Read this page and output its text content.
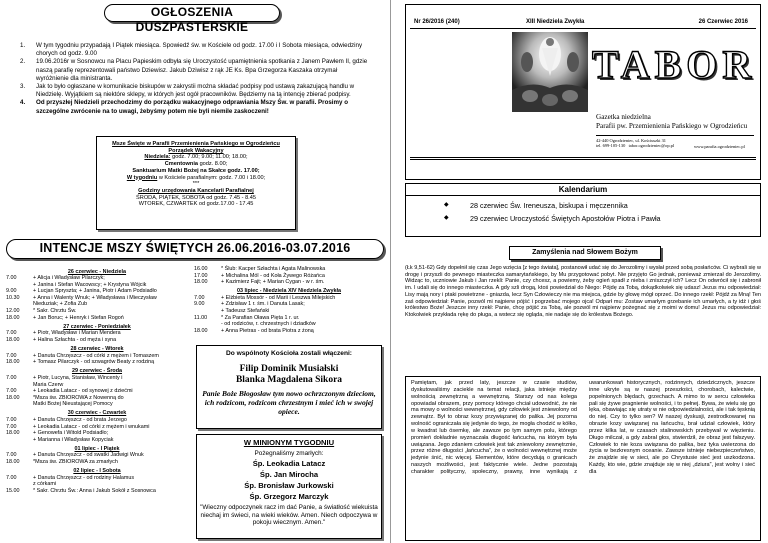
OGŁOSZENIA DUSZPASTERSKIE
1.	W tym tygodniu przypadają I Piątek miesiąca. Spowiedź św. w Kościele od godz. 17.00 i I Sobota miesiąca, odwiedziny chorych od godz. 9.00
2.	19.06.2016r w Sosnowcu na Placu Papieskim odbyła się Uroczystość upamiętnienia spotkania z Janem Pawłem II, gdzie naszą parafię reprezentowali państwo Dziewisz. Jakub Dziwisz z rąk JE Ks. Bpa Grzegorza Kaszaka otrzymał wyróżnienie dla ministranta.
3.	Jak to było ogłaszane w komunikacie biskupów w zakrystii można składać podpisy pod ustawą zakazującą handlu w Niedzielę. Wyjątkiem są niektóre sklepy, w których jest ogół pracowników. Będziemy na tą intencję zbierać podpisy.
4.	Od przyszłej Niedzieli przechodzimy do porządku wakacyjnego odprawiania Mszy Św. w parafii. Prosimy o szczególne zwrócenie na to uwagi, żebyśmy potem nie byli niemile zaskoczeni!
Msze Święte w Parafii Przemienienia Pańskiego w Ogrodzieńcu
Porządek Wakacyjny
Niedziela: godz. 7.00; 9.00; 11.00; 18.00;
Cmentownia godz. 8.00;
Sanktuarium Matki Bożej na Skałce godz. 17.00;
W tygodniu w Kościele parafialnym: godz. 7.00 i 18.00;
***
Godziny urzędowania Kancelarii Parafialnej
ŚRODA, PIĄTEK, SOBOTA od godz. 7.45 - 8.45
WTOREK, CZWARTEK od godz.17.00 - 17.45
INTENCJE MSZY ŚWIĘTYCH 26.06.2016-03.07.2016
26 czerwiec - Niedziela
7.00	+ Alicja i Władysław Pilarczyk;
+ Janina i Stefan Wacowscy; + Krystyna Wójcik
9.00	+ Lucjan Spryszta; + Janina, Piotr i Adam Podsiadło
10.30	+ Anna i Walenty Wnuk; + Władysława i Mieczysław
Nieduziak; + Zofia Zub
12.00	* Sakr. Chrztu Św.
18.00	+ Jan Boruc; + Henryk i Stefan Rogoń
27 czerwiec - Poniedziałek
7.00	+ Piotr, Władysław i Marian Mendera
18.00	+ Halina Szłachta - od męża i syna
28 czerwiec - Wtorek
7.00	+ Danuta Chrzęszcz - od córki z mężem i Tomaszem
18.00	+ Tomasz Pilarczyk - od szwagrów Beaty z rodziną
29 czerwiec - Środa
7.00	+ Piotr, Lucyna, Stanisław, Wincenty i
Maria Czerw
7.00	+ Leokadia Latacz - od synowej z dziećmi
18.00	*Msza św. ZBIOROWA z Nowenną do
Matki Bożej Nieustającej Pomocy
30 czerwiec - Czwartek
7.00	+ Danuta Chrzęszcz - od brata Jerzego
7.00	+ Leokadia Latacz - od córki z mężem i wnukami
18.00	+ Genowefa i Witold Podsiadło;
+ Marianna i Władysław Kopyciak
01 lipiec - I Piątek
7.00	+ Danuta Chrzęszcz - od swatki Jadwigi Wnuk
18.00	*Msza św. ZBIOROWA za zmarłych
02 lipiec - I Sobota
7.00	+ Danuta Chrzęszcz - od rodziny Halamus
z córkami
15.00	* Sakr. Chrztu Św.: Anna i Jakub Sokół z Sosnowca
16.00	* Ślub: Kacper Szłachta i Agata Malinowska
17.00	+ Michalina Mól - od Koła Żywego Różańca
18.00	+ Kazimierz Fajt; + Marian Cygan - w r. śm.
03 lipiec - Niedziela XIV Niedziela Zwykła
7.00	+ Elżbieta Mossór - od Marii i Leszwa Milejskich
9.00	+ Zdzisław 1 r. śm. i Danuta Lasak;
+ Tadeusz Stefański
11.00	* Za Parafian Oława Pięta 1 r. ur.
- od rodziców, r. chrzestnych i dziadków
18.00	+ Anna Pietras - od brata Piotra z żoną
Do wspólnoty Kościoła zostali włączeni:
Filip Dominik Musiałski
Blanka Magdalena Sikora
Panie Boże Błogosław tym nowo ochrzczonym dzieciom, ich rodzicom, rodzicom chrzestnym i mieć ich w swojej opiece.
W MINIONYM TYGODNIU
Pożegnaliśmy zmarłych:
Śp. Leokadia Latacz
Śp. Jan Mirocha
Śp. Bronisław Jurkowski
Śp. Grzegorz Marczyk
"Wieczny odpoczynek racz im dać Panie, a światłość wiekuista niechaj im świeci, na wieki wieków. Amen. Niech odpoczywa w pokoju wiecznym. Amen."
Nr 26/2016 (240)	XIII Niedziela Zwykła	26 Czerwiec 2016
TABOR
Gazetka niedzielna
Parafii pw. Przemienienia Pańskiego w Ogrodzieńcu
42-440 Ogrodzieniec, ul. Kościuszki 31
tel. 699-105-130 tabor.ogrodzieniec@op.pl	www.parafia.ogrodzieniec.pl
Kalendarium
◆	28 czerwiec Św. Ireneusza, biskupa i męczennika
◆	29 czerwiec Uroczystość Świętych Apostołów Piotra i Pawła
Zamyślenia nad Słowem Bożym
(Łk 9,51-62) Gdy dopełnił się czas Jego wzięcia [z tego świata], postanowił udać się do Jerozolimy i wysłał przed sobą posłańców. Ci wybrali się w drogę i przyszli do pewnego miasteczka samarytańskiego, by Mu przygotować pobyt. Nie przyjęto Go jednak, ponieważ zmierzał do Jerozolimy. Widząc to, uczniowie Jakub i Jan rzekli: Panie, czy chcesz, a powiemy, żeby ogień spadł z nieba i zniszczył ich? Lecz On odwrócił się i zabronił im. I udali się do innego miasteczka. A gdy szli drogą, ktoś powiedział do Niego: Pójdę za Tobą, dokądkolwiek się udasz! Jezus mu odpowiedział: Lisy mają nory i ptaki powietrzne - gniazda, lecz Syn Człowieczy nie ma miejsca, gdzie by głowę mógł oprzeć. Do innego rzekł: Pójdź za Mną! Ten zaś odpowiedział: Panie, pozwól mi najpierw pójść i pogrzebać mojego ojca! Odparł mu: Zostaw umarłym grzebanie ich umarłych, a ty idź i głoś królestwo Boże! Jeszcze inny rzekł: Panie, chcę pójść za Tobą, ale pozwól mi najpierw pożegnać się z moimi w domu! Jezus mu odpowiedział: Ktokolwiek przykłada rękę do pługa, a wstecz się ogląda, nie nadaje się do królestwa Bożego.
Pamiętam, jak przed laty, jeszcze w czasie studiów, dyskutowaliśmy zaciekle na temat relacji, jaka istnieje między wolnością zewnętrzną a wewnętrzną. Starszy od nas kolega opowiadał obrazem, przy pomocy którego chciał udowodnić, że nie ma mowy o wolności wewnętrznej, gdy człowiek jest zniewolony od zewnątrz. Był to obraz kozy przywiązanej do palika. Jej pozorna wolność ograniczała się jedynie do tego, że mogła chodzić w kółko, w kwadrat lub ósemkę, ale zawsze po tym samym polu, którego promień dokładnie wyznaczała długość łańcucha, na którym była uwiązana. Jego zdaniem człowiek jest tak zniewolony zewnętrznie, przez różne długości „łańcucha”, że o wolności wewnętrznej może jedynie śnić, nic więcej. Elementów, które decydują o granicach naszych możliwości, jest faktycznie wiele. Jedne pozostają charakter polityczny, społeczny, prawny, inne wynikają z uwarunkowań historycznych, rodzinnych, dziedzicznych, jeszcze inne ukryte są w naszej przeszłości, chorobach, kalectwie, popełnionych błędach, grzechach. A mimo to w sercu człowieka pali się żywe pragnienie wolności, i to pełnej. Bywa, że wielu się go lęka, obawiając się utraty w nie odpowiedzialności, ale i tak tęsknią do niej. Czy to tylko sen? W naszej dyskusji, zestrodkowanej na obrazie kozy uwiązanej na łańcuchu, brał udział człowiek, który przez kilka lat, w czasach stalinowskich przebywał w więzieniu. Długo milczał, a gdy zabrał głos, stwierdził, że obraz jest fałszywy. Człowiek to nie koza uwiązana do palika, bez tyka uwierzona do życia w bezkresnym oceanie. Zawsze istnieje niebezpieczeństwo, że znajdzie się w sieci, ale po Chrystusie sieć jest uszkodzona. Każdy, kto wie, gdzie znajduje się w niej „dziura”, jest wolny i sieć dla
